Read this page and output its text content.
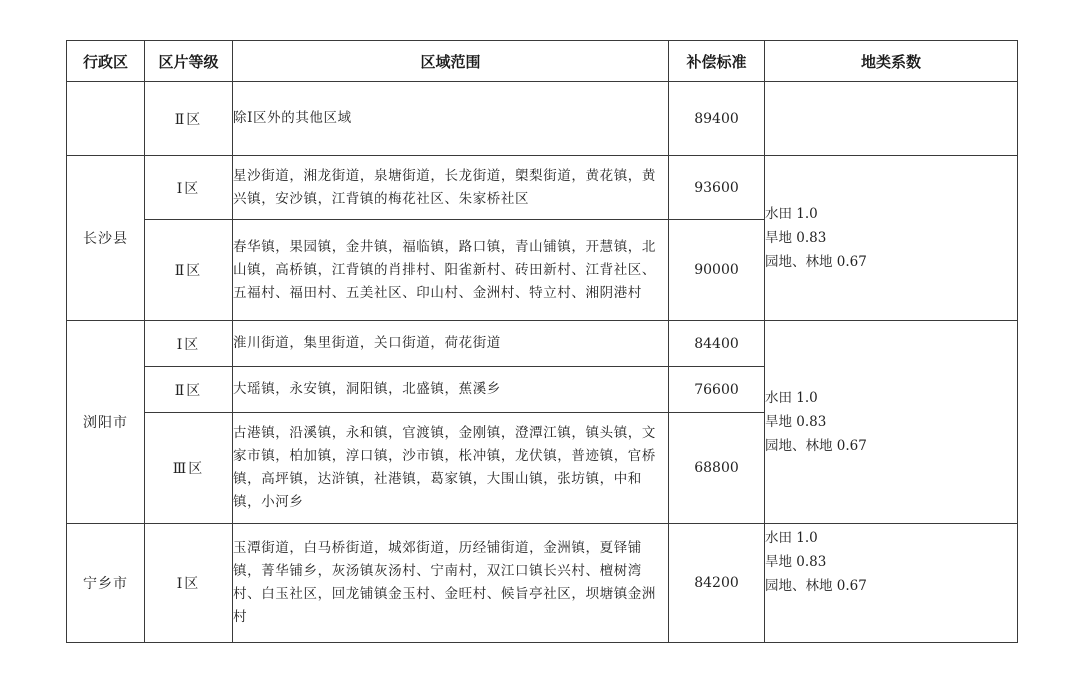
行政区	区片等级	区域范围	补偿标准	地类系数
	Ⅱ区	除Ⅰ区外的其他区域	89400	
长沙县	Ⅰ区	星沙街道，湘龙街道，泉塘街道，长龙街道，㮾梨街道，黄花镇，黄兴镇，安沙镇，江背镇的梅花社区、朱家桥社区	93600	水田 1.0
旱地 0.83
园地、林地 0.67

	Ⅱ区	春华镇，果园镇，金井镇，福临镇，路口镇，青山铺镇，开慧镇，北山镇，高桥镇，江背镇的肖排村、阳雀新村、砖田新村、江背社区、五福村、福田村、五美社区、印山村、金洲村、特立村、湘阴港村	90000	
浏阳市	Ⅰ区	淮川街道，集里街道，关口街道，荷花街道	84400	水田 1.0
旱地 0.83
园地、林地 0.67

	Ⅱ区	大瑶镇，永安镇，洞阳镇，北盛镇，蕉溪乡	76600	
	Ⅲ区	古港镇，沿溪镇，永和镇，官渡镇，金刚镇，澄潭江镇，镇头镇，文家市镇，柏加镇，淳口镇，沙市镇，枨冲镇，龙伏镇，普迹镇，官桥镇，高坪镇，达浒镇，社港镇，葛家镇，大围山镇，张坊镇，中和镇，小河乡	68800	
宁乡市	Ⅰ区	玉潭街道，白马桥街道，城郊街道，历经铺街道，金洲镇，夏铎铺镇，菁华铺乡，灰汤镇灰汤村、宁南村，双江口镇长兴村、檀树湾村、白玉社区，回龙铺镇金玉村、金旺村、候旨亭社区，坝塘镇金洲村	84200	水田 1.0
旱地 0.83
园地、林地 0.67
